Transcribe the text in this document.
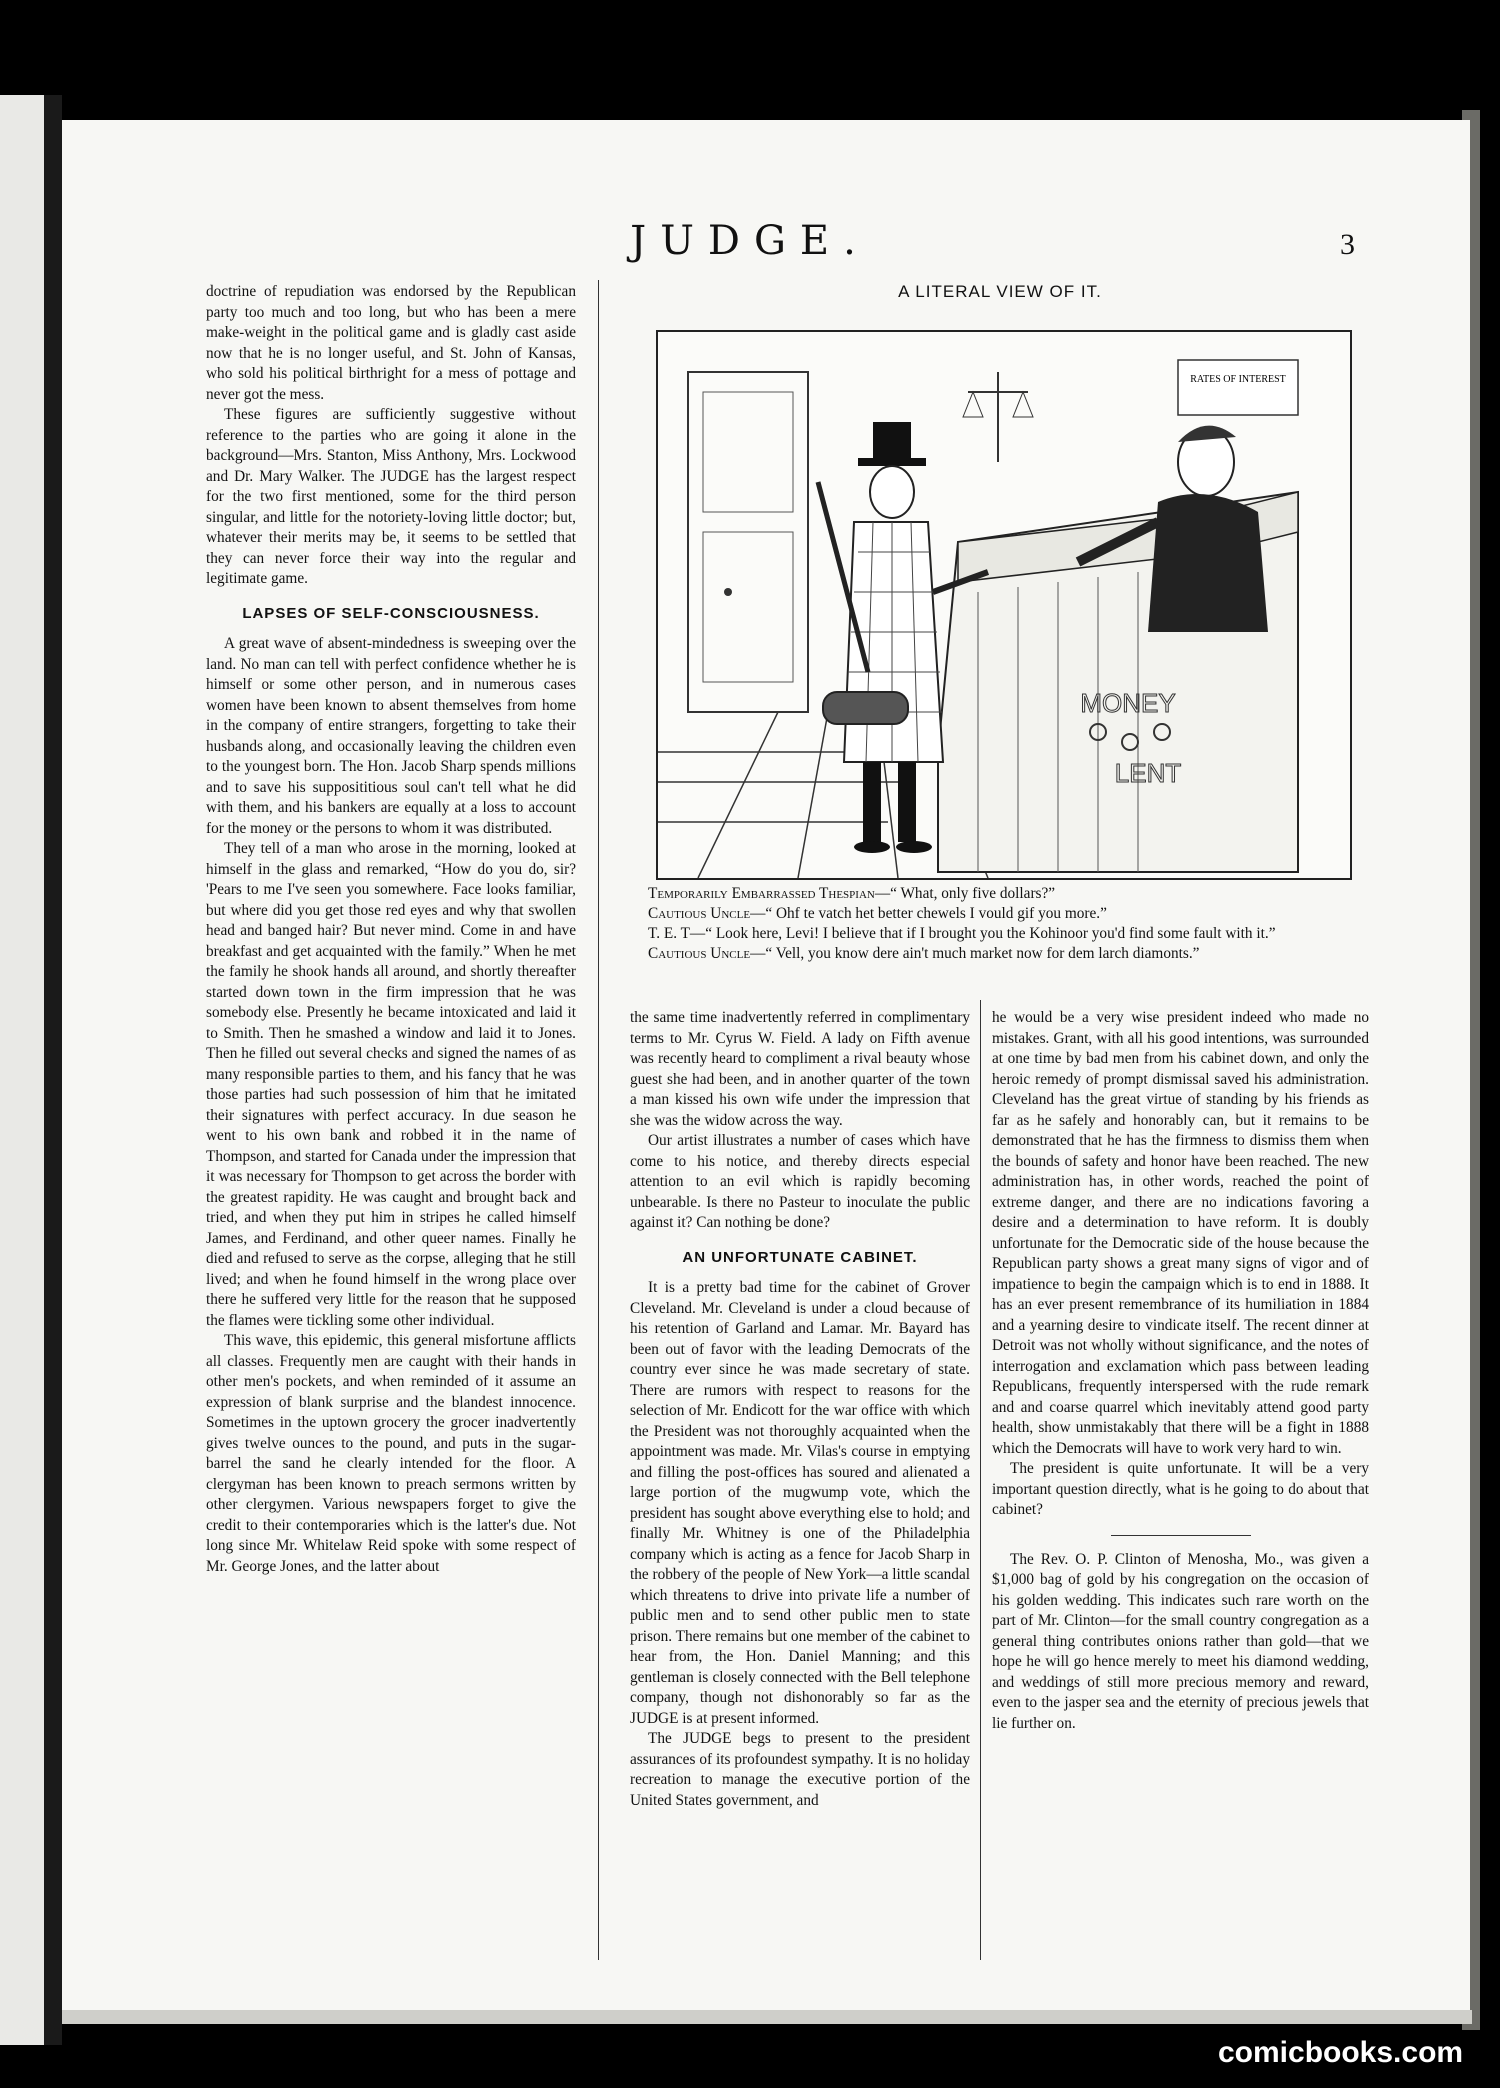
JUDGE.	3

doctrine of repudiation was endorsed by the Republican party too much and too long, but who has been a mere make-weight in the political game and is gladly cast aside now that he is no longer useful, and St. John of Kansas, who sold his political birthright for a mess of pottage and never got the mess.

These figures are sufficiently suggestive without reference to the parties who are going it alone in the background—Mrs. Stanton, Miss Anthony, Mrs. Lockwood and Dr. Mary Walker. The JUDGE has the largest respect for the two first mentioned, some for the third person singular, and little for the notoriety-loving little doctor; but, whatever their merits may be, it seems to be settled that they can never force their way into the regular and legitimate game.

LAPSES OF SELF-CONSCIOUSNESS.

A great wave of absent-mindedness is sweeping over the land. No man can tell with perfect confidence whether he is himself or some other person, and in numerous cases women have been known to absent themselves from home in the company of entire strangers, forgetting to take their husbands along, and occasionally leaving the children even to the youngest born. The Hon. Jacob Sharp spends millions and to save his supposititious soul can't tell what he did with them, and his bankers are equally at a loss to account for the money or the persons to whom it was distributed.

They tell of a man who arose in the morning, looked at himself in the glass and remarked, “How do you do, sir? 'Pears to me I've seen you somewhere. Face looks familiar, but where did you get those red eyes and why that swollen head and banged hair? But never mind. Come in and have breakfast and get acquainted with the family.” When he met the family he shook hands all around, and shortly thereafter started down town in the firm impression that he was somebody else. Presently he became intoxicated and laid it to Smith. Then he smashed a window and laid it to Jones. Then he filled out several checks and signed the names of as many responsible parties to them, and his fancy that he was those parties had such possession of him that he imitated their signatures with perfect accuracy. In due season he went to his own bank and robbed it in the name of Thompson, and started for Canada under the impression that it was necessary for Thompson to get across the border with the greatest rapidity. He was caught and brought back and tried, and when they put him in stripes he called himself James, and Ferdinand, and other queer names. Finally he died and refused to serve as the corpse, alleging that he still lived; and when he found himself in the wrong place over there he suffered very little for the reason that he supposed the flames were tickling some other individual.

This wave, this epidemic, this general misfortune afflicts all classes. Frequently men are caught with their hands in other men's pockets, and when reminded of it assume an expression of blank surprise and the blandest innocence. Sometimes in the uptown grocery the grocer inadvertently gives twelve ounces to the pound, and puts in the sugar-barrel the sand he clearly intended for the floor. A clergyman has been known to preach sermons written by other clergymen. Various newspapers forget to give the credit to their contemporaries which is the latter's due. Not long since Mr. Whitelaw Reid spoke with some respect of Mr. George Jones, and the latter about

A LITERAL VIEW OF IT.
RATES OF INTEREST
MONEY
LENT

Temporarily Embarrassed Thespian—“ What, only five dollars?”

Cautious Uncle—“ Ohf te vatch het better chewels I vould gif you more.”

T. E. T—“ Look here, Levi! I believe that if I brought you the Kohinoor you'd find some fault with it.”

Cautious Uncle—“ Vell, you know dere ain't much market now for dem larch diamonts.”

the same time inadvertently referred in complimentary terms to Mr. Cyrus W. Field. A lady on Fifth avenue was recently heard to compliment a rival beauty whose guest she had been, and in another quarter of the town a man kissed his own wife under the impression that she was the widow across the way.

Our artist illustrates a number of cases which have come to his notice, and thereby directs especial attention to an evil which is rapidly becoming unbearable. Is there no Pasteur to inoculate the public against it? Can nothing be done?

AN UNFORTUNATE CABINET.

It is a pretty bad time for the cabinet of Grover Cleveland. Mr. Cleveland is under a cloud because of his retention of Garland and Lamar. Mr. Bayard has been out of favor with the leading Democrats of the country ever since he was made secretary of state. There are rumors with respect to reasons for the selection of Mr. Endicott for the war office with which the President was not thoroughly acquainted when the appointment was made. Mr. Vilas's course in emptying and filling the post-offices has soured and alienated a large portion of the mugwump vote, which the president has sought above everything else to hold; and finally Mr. Whitney is one of the Philadelphia company which is acting as a fence for Jacob Sharp in the robbery of the people of New York—a little scandal which threatens to drive into private life a number of public men and to send other public men to state prison. There remains but one member of the cabinet to hear from, the Hon. Daniel Manning; and this gentleman is closely connected with the Bell telephone company, though not dishonorably so far as the JUDGE is at present informed.

The JUDGE begs to present to the president assurances of its profoundest sympathy. It is no holiday recreation to manage the executive portion of the United States government, and

he would be a very wise president indeed who made no mistakes. Grant, with all his good intentions, was surrounded at one time by bad men from his cabinet down, and only the heroic remedy of prompt dismissal saved his administration. Cleveland has the great virtue of standing by his friends as far as he safely and honorably can, but it remains to be demonstrated that he has the firmness to dismiss them when the bounds of safety and honor have been reached. The new administration has, in other words, reached the point of extreme danger, and there are no indications favoring a desire and a determination to have reform. It is doubly unfortunate for the Democratic side of the house because the Republican party shows a great many signs of vigor and of impatience to begin the campaign which is to end in 1888. It has an ever present remembrance of its humiliation in 1884 and a yearning desire to vindicate itself. The recent dinner at Detroit was not wholly without significance, and the notes of interrogation and exclamation which pass between leading Republicans, frequently interspersed with the rude remark and and coarse quarrel which inevitably attend good party health, show unmistakably that there will be a fight in 1888 which the Democrats will have to work very hard to win.

The president is quite unfortunate. It will be a very important question directly, what is he going to do about that cabinet?

The Rev. O. P. Clinton of Menosha, Mo., was given a $1,000 bag of gold by his congregation on the occasion of his golden wedding. This indicates such rare worth on the part of Mr. Clinton—for the small country congregation as a general thing contributes onions rather than gold—that we hope he will go hence merely to meet his diamond wedding, and weddings of still more precious memory and reward, even to the jasper sea and the eternity of precious jewels that lie further on.

comicbooks.com
